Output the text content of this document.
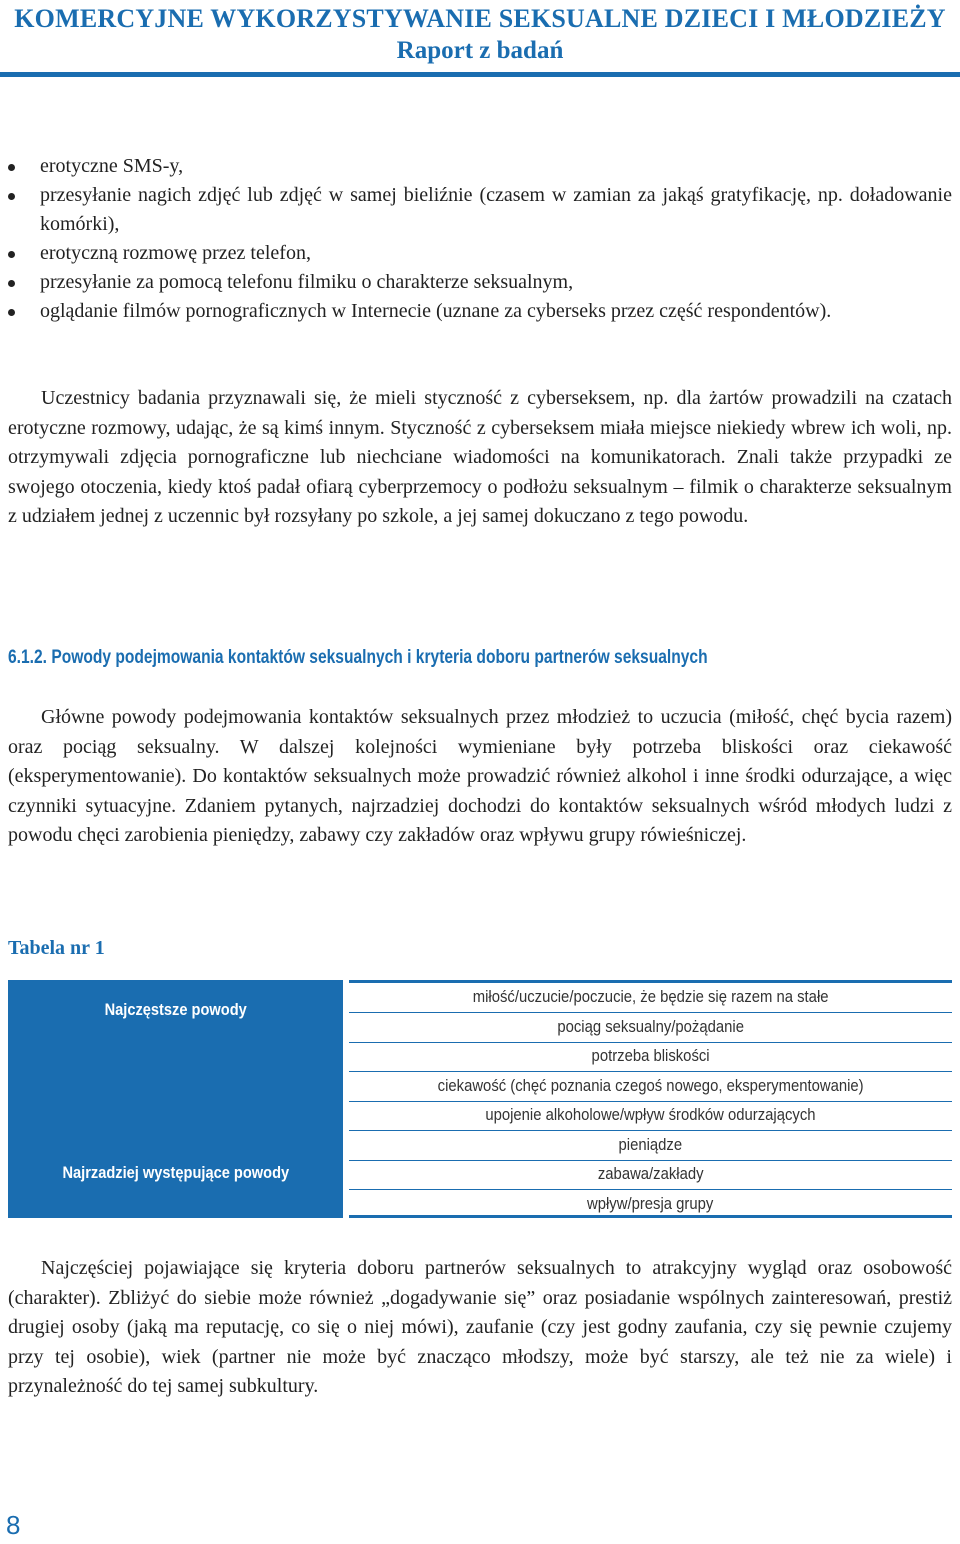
KOMERCYJNE WYKORZYSTYWANIE SEKSUALNE DZIECI I MŁODZIEŻY
Raport z badań
erotyczne SMS-y,
przesyłanie nagich zdjęć lub zdjęć w samej bieliźnie (czasem w zamian za jakąś gratyfikację, np. doładowanie komórki),
erotyczną rozmowę przez telefon,
przesyłanie za pomocą telefonu filmiku o charakterze seksualnym,
oglądanie filmów pornograficznych w Internecie (uznane za cyberseks przez część respondentów).

Uczestnicy badania przyznawali się, że mieli styczność z cyberseksem, np. dla żartów prowadzili na czatach erotyczne rozmowy, udając, że są kimś innym. Styczność z cyberseksem miała miejsce niekiedy wbrew ich woli, np. otrzymywali zdjęcia pornograficzne lub niechciane wiadomości na komunikatorach. Znali także przypadki ze swojego otoczenia, kiedy ktoś padał ofiarą cyberprzemocy o podłożu seksualnym – filmik o charakterze seksualnym z udziałem jednej z uczennic był rozsyłany po szkole, a jej samej dokuczano z tego powodu.

6.1.2. Powody podejmowania kontaktów seksualnych i kryteria doboru partnerów seksualnych

Główne powody podejmowania kontaktów seksualnych przez młodzież to uczucia (miłość, chęć bycia razem) oraz pociąg seksualny. W dalszej kolejności wymieniane były potrzeba bliskości oraz ciekawość (eksperymentowanie). Do kontaktów seksualnych może prowadzić również alkohol i inne środki odurzające, a więc czynniki sytuacyjne. Zdaniem pytanych, najrzadziej dochodzi do kontaktów seksualnych wśród młodych ludzi z powodu chęci zarobienia pieniędzy, zabawy czy zakładów oraz wpływu grupy rówieśniczej.

Tabela nr 1
Najczęstsze powody
Najrzadziej występujące powody
miłość/uczucie/poczucie, że będzie się razem na stałe
pociąg seksualny/pożądanie
potrzeba bliskości
ciekawość (chęć poznania czegoś nowego, eksperymentowanie)
upojenie alkoholowe/wpływ środków odurzających
pieniądze
zabawa/zakłady
wpływ/presja grupy

Najczęściej pojawiające się kryteria doboru partnerów seksualnych to atrakcyjny wygląd oraz osobowość (charakter). Zbliżyć do siebie może również „dogadywanie się” oraz posiadanie wspólnych zainteresowań, prestiż drugiej osoby (jaką ma reputację, co się o niej mówi), zaufanie (czy jest godny zaufania, czy się pewnie czujemy przy tej osobie), wiek (partner nie może być znacząco młodszy, może być starszy, ale też nie za wiele) i przynależność do tej samej subkultury.

8
